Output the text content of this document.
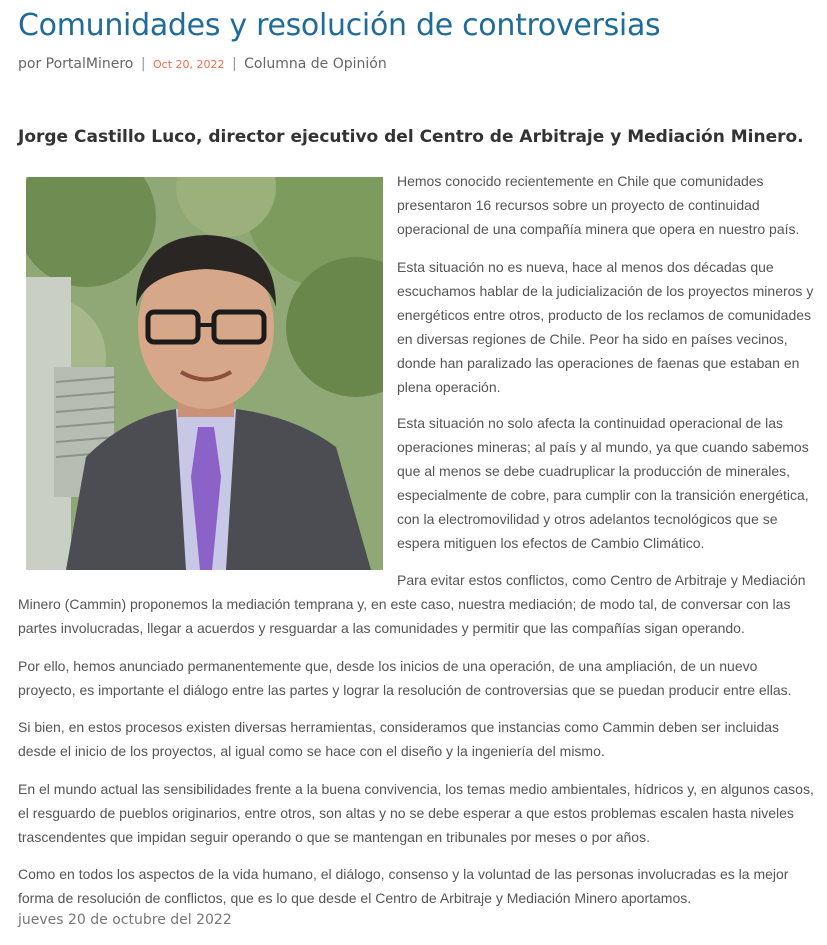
Comunidades y resolución de controversias
por PortalMinero | Oct 20, 2022 | Columna de Opinión
Jorge Castillo Luco, director ejecutivo del Centro de Arbitraje y Mediación Minero.

Hemos conocido recientemente en Chile que comunidades presentaron 16 recursos sobre un proyecto de continuidad operacional de una compañía minera que opera en nuestro país.

Esta situación no es nueva, hace al menos dos décadas que escuchamos hablar de la judicialización de los proyectos mineros y energéticos entre otros, producto de los reclamos de comunidades en diversas regiones de Chile. Peor ha sido en países vecinos, donde han paralizado las operaciones de faenas que estaban en plena operación.

Esta situación no solo afecta la continuidad operacional de las operaciones mineras; al país y al mundo, ya que cuando sabemos que al menos se debe cuadruplicar la producción de minerales, especialmente de cobre, para cumplir con la transición energética, con la electromovilidad y otros adelantos tecnológicos que se espera mitiguen los efectos de Cambio Climático.

Para evitar estos conflictos, como Centro de Arbitraje y Mediación Minero (Cammin) proponemos la mediación temprana y, en este caso, nuestra mediación; de modo tal, de conversar con las partes involucradas, llegar a acuerdos y resguardar a las comunidades y permitir que las compañías sigan operando.

Por ello, hemos anunciado permanentemente que, desde los inicios de una operación, de una ampliación, de un nuevo proyecto, es importante el diálogo entre las partes y lograr la resolución de controversias que se puedan producir entre ellas.

Si bien, en estos procesos existen diversas herramientas, consideramos que instancias como Cammin deben ser incluidas desde el inicio de los proyectos, al igual como se hace con el diseño y la ingeniería del mismo.

En el mundo actual las sensibilidades frente a la buena convivencia, los temas medio ambientales, hídricos y, en algunos casos, el resguardo de pueblos originarios, entre otros, son altas y no se debe esperar a que estos problemas escalen hasta niveles trascendentes que impidan seguir operando o que se mantengan en tribunales por meses o por años.

Como en todos los aspectos de la vida humano, el diálogo, consenso y la voluntad de las personas involucradas es la mejor forma de resolución de conflictos, que es lo que desde el Centro de Arbitraje y Mediación Minero aportamos.

jueves 20 de octubre del 2022
